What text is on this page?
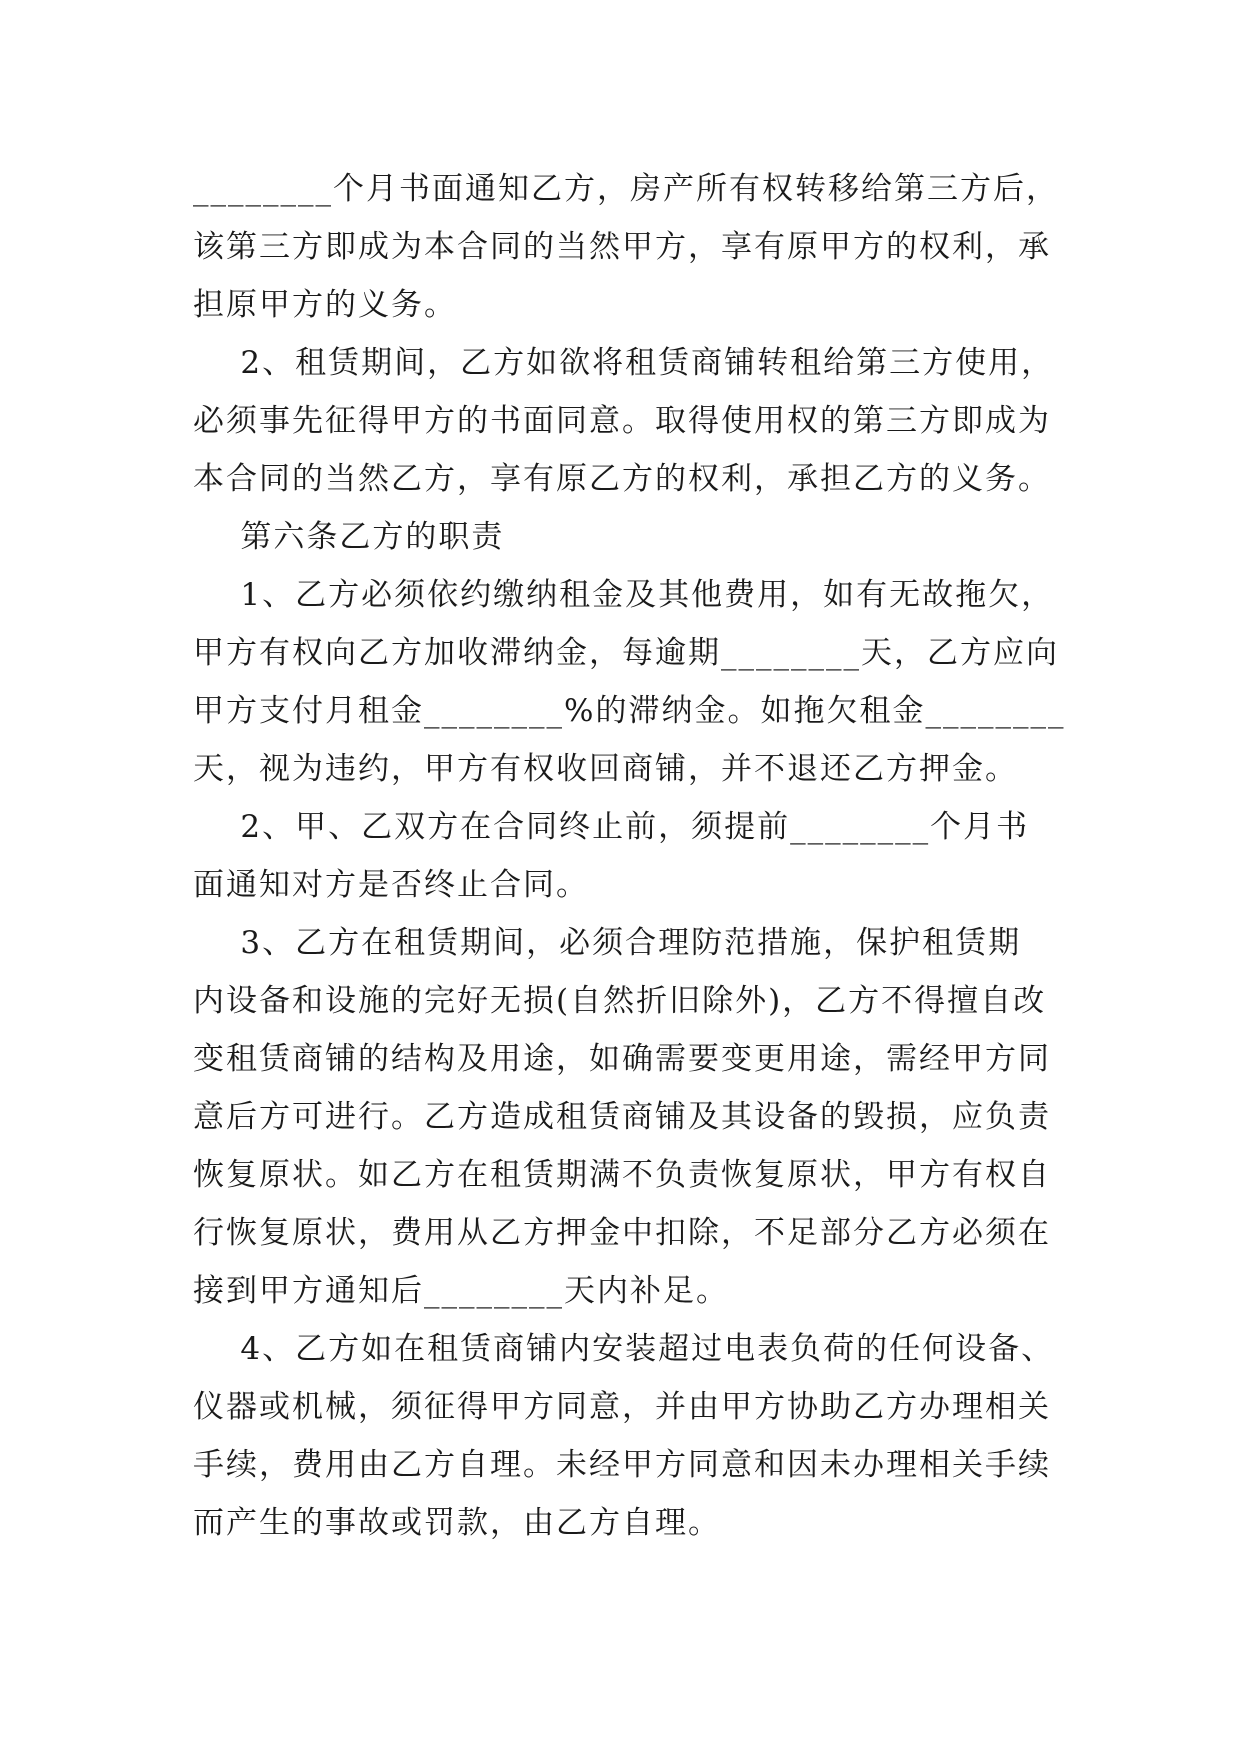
________个月书面通知乙方，房产所有权转移给第三方后，
该第三方即成为本合同的当然甲方，享有原甲方的权利，承
担原甲方的义务。
2、租赁期间，乙方如欲将租赁商铺转租给第三方使用，
必须事先征得甲方的书面同意。取得使用权的第三方即成为
本合同的当然乙方，享有原乙方的权利，承担乙方的义务。
第六条乙方的职责
1、乙方必须依约缴纳租金及其他费用，如有无故拖欠，
甲方有权向乙方加收滞纳金，每逾期________天，乙方应向
甲方支付月租金________%的滞纳金。如拖欠租金________
天，视为违约，甲方有权收回商铺，并不退还乙方押金。
2、甲、乙双方在合同终止前，须提前________个月书
面通知对方是否终止合同。
3、乙方在租赁期间，必须合理防范措施，保护租赁期
内设备和设施的完好无损(自然折旧除外)，乙方不得擅自改
变租赁商铺的结构及用途，如确需要变更用途，需经甲方同
意后方可进行。乙方造成租赁商铺及其设备的毁损，应负责
恢复原状。如乙方在租赁期满不负责恢复原状，甲方有权自
行恢复原状，费用从乙方押金中扣除，不足部分乙方必须在
接到甲方通知后________天内补足。
4、乙方如在租赁商铺内安装超过电表负荷的任何设备、
仪器或机械，须征得甲方同意，并由甲方协助乙方办理相关
手续，费用由乙方自理。未经甲方同意和因未办理相关手续
而产生的事故或罚款，由乙方自理。
